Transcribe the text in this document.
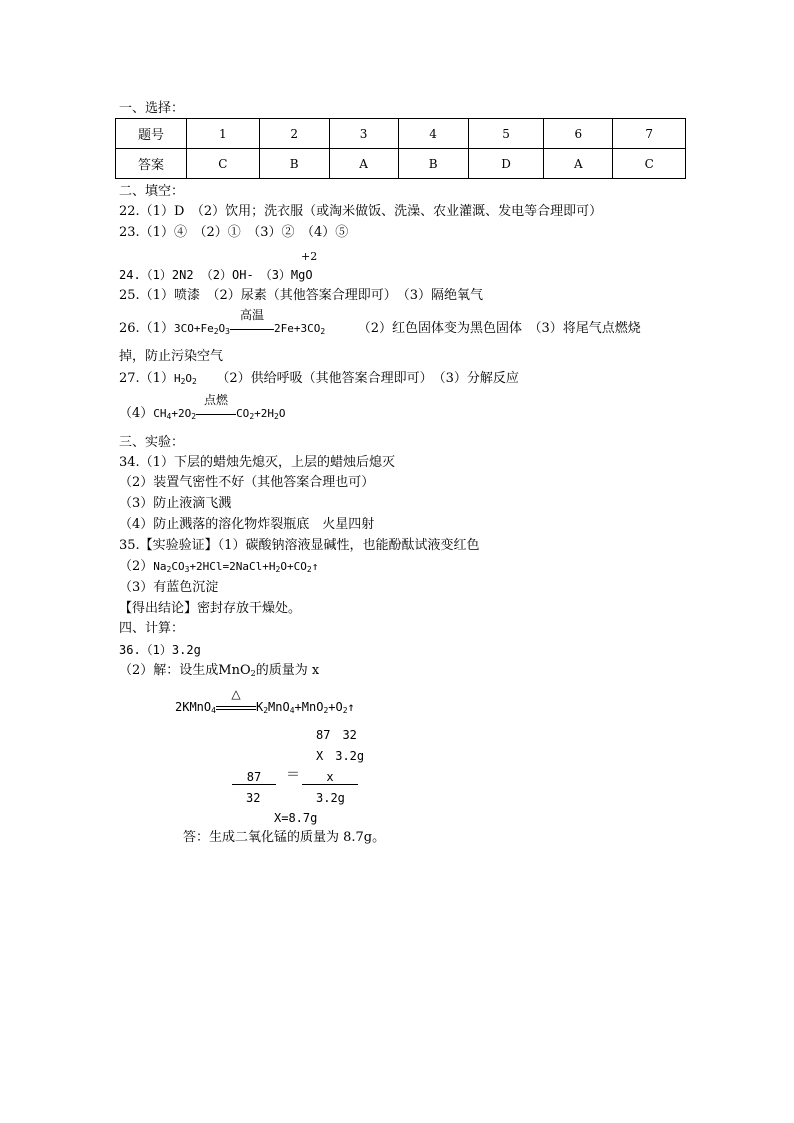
一、选择：
题号	1	2	3	4	5	6	7
答案	C	B	A	B	D	A	C
二、填空：
22.（1）D　（2）饮用；洗衣服（或淘米做饭、洗澡、农业灌溉、发电等合理即可）
23.（1）④　（2）①　（3）②　（4）⑤
+2
24.（1）2N2 （2）OH-　（3）MgO
25.（1）喷漆　（2）尿素（其他答案合理即可）　（3）隔绝氧气
$26.(1)3CO+Fe_2O_3$
高温
$2Fe+3CO_2$　　　	（2）红色固体变为黑色固体　（3）将尾气点燃烧
掉，防止污染空气
$27.(1)H_2O_2$　　 （2）供给呼吸（其他答案合理即可）　（3）分解反应
$(4)CH_4+2O_2$
点燃
$CO_2+2H_2O$
三、实验：
34.（1）下层的蜡烛先熄灭，上层的蜡烛后熄灭
（2）装置气密性不好（其他答案合理也可）
（3）防止液滴飞溅
（4）防止溅落的溶化物炸裂瓶底　火星四射
35.【实验验证】（1）碳酸钠溶液显碱性，也能酚酞试液变红色
$(2)Na_2CO_3+2HCl=2NaCl+H_2O+CO_2↑$
（3）有蓝色沉淀
【得出结论】密封存放干燥处。
四、计算：
36.（1）3.2g
（2）解：设生成MnO$_2$的质量为 x
2KMnO$_4$
△
$K_2MnO_4+MnO_2+O_2↑$
87　32
X　3.2g
87	＝	x
32	3.2g
X=8.7g
答：生成二氧化锰的质量为 8.7g。
